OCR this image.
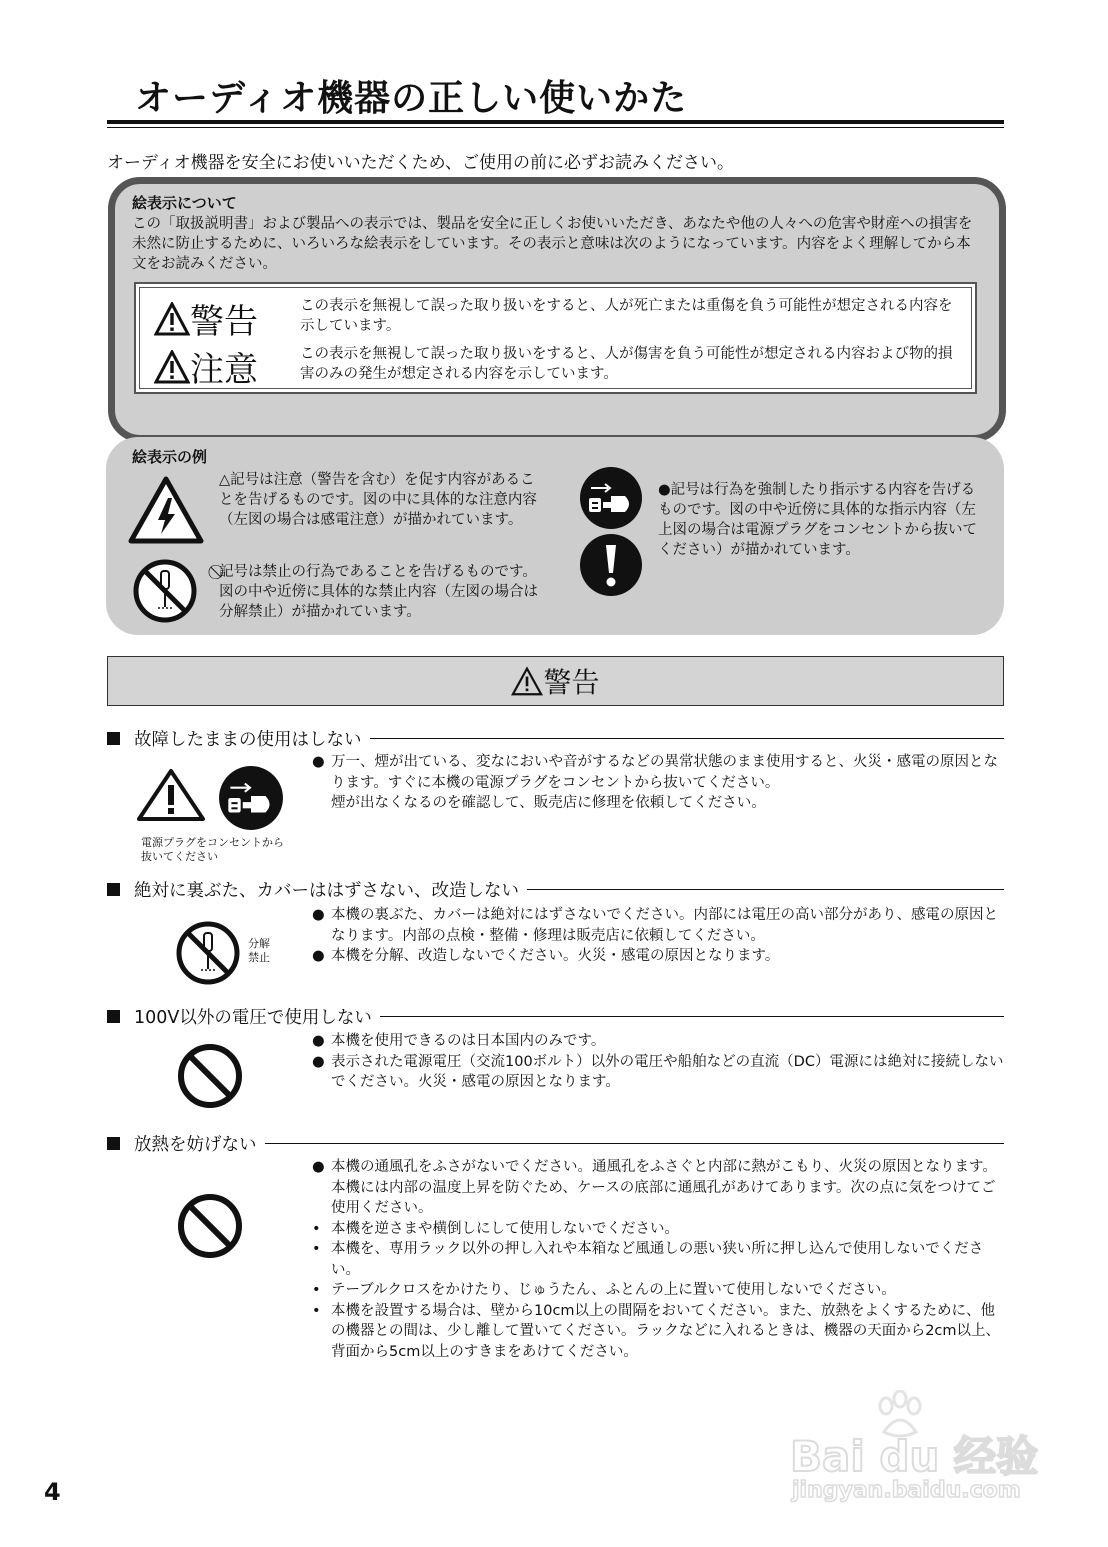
オーディオ機器の正しい使いかた
オーディオ機器を安全にお使いいただくため、ご使用の前に必ずお読みください。
絵表示について
この「取扱説明書」および製品への表示では、製品を安全に正しくお使いいただき、あなたや他の人々への危害や財産への損害を未然に防止するために、いろいろな絵表示をしています。その表示と意味は次のようになっています。内容をよく理解してから本文をお読みください。
警告	この表示を無視して誤った取り扱いをすると、人が死亡または重傷を負う可能性が想定される内容を示しています。
注意	この表示を無視して誤った取り扱いをすると、人が傷害を負う可能性が想定される内容および物的損害のみの発生が想定される内容を示しています。
絵表示の例
△記号は注意（警告を含む）を促す内容があることを告げるものです。図の中に具体的な注意内容（左図の場合は感電注意）が描かれています。
⃠記号は禁止の行為であることを告げるものです。図の中や近傍に具体的な禁止内容（左図の場合は分解禁止）が描かれています。
●記号は行為を強制したり指示する内容を告げるものです。図の中や近傍に具体的な指示内容（左上図の場合は電源プラグをコンセントから抜いてください）が描かれています。
警告
故障したままの使用はしない
電源プラグをコンセントから抜いてください
● 万一、煙が出ている、変なにおいや音がするなどの異常状態のまま使用すると、火災・感電の原因となります。すぐに本機の電源プラグをコンセントから抜いてください。
煙が出なくなるのを確認して、販売店に修理を依頼してください。
絶対に裏ぶた、カバーははずさない、改造しない
分解禁止
● 本機の裏ぶた、カバーは絶対にはずさないでください。内部には電圧の高い部分があり、感電の原因となります。内部の点検・整備・修理は販売店に依頼してください。
● 本機を分解、改造しないでください。火災・感電の原因となります。
100V以外の電圧で使用しない
● 本機を使用できるのは日本国内のみです。
● 表示された電源電圧（交流100ボルト）以外の電圧や船舶などの直流（DC）電源には絶対に接続しないでください。火災・感電の原因となります。
放熱を妨げない
● 本機の通風孔をふさがないでください。通風孔をふさぐと内部に熱がこもり、火災の原因となります。
本機には内部の温度上昇を防ぐため、ケースの底部に通風孔があけてあります。次の点に気をつけてご使用ください。
• 本機を逆さまや横倒しにして使用しないでください。
• 本機を、専用ラック以外の押し入れや本箱など風通しの悪い狭い所に押し込んで使用しないでください。
• テーブルクロスをかけたり、じゅうたん、ふとんの上に置いて使用しないでください。
• 本機を設置する場合は、壁から10cm以上の間隔をおいてください。また、放熱をよくするために、他の機器との間は、少し離して置いてください。ラックなどに入れるときは、機器の天面から2cm以上、背面から5cm以上のすきまをあけてください。
Bai du 经验
jingyan.baidu.com
4
